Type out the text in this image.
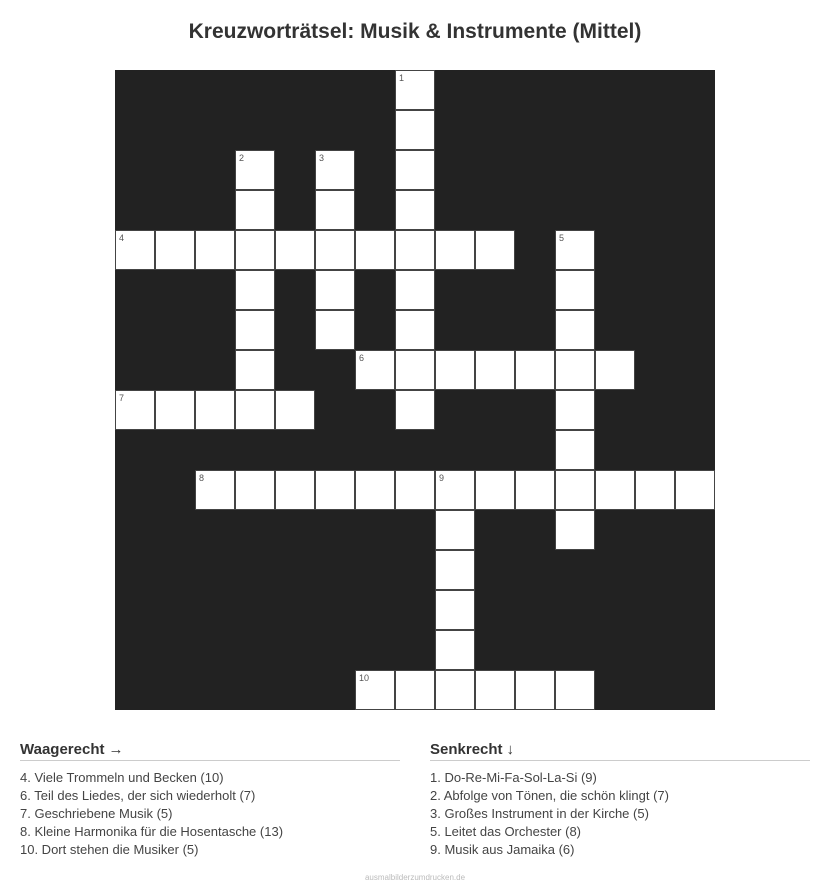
Kreuzworträtsel: Musik & Instrumente (Mittel)
1
2	3
4	5
6
7
8	9
10
Waagerecht →
4. Viele Trommeln und Becken (10)
6. Teil des Liedes, der sich wiederholt (7)
7. Geschriebene Musik (5)
8. Kleine Harmonika für die Hosentasche (13)
10. Dort stehen die Musiker (5)
Senkrecht ↓
1. Do-Re-Mi-Fa-Sol-La-Si (9)
2. Abfolge von Tönen, die schön klingt (7)
3. Großes Instrument in der Kirche (5)
5. Leitet das Orchester (8)
9. Musik aus Jamaika (6)
ausmalbilderzumdrucken.de
